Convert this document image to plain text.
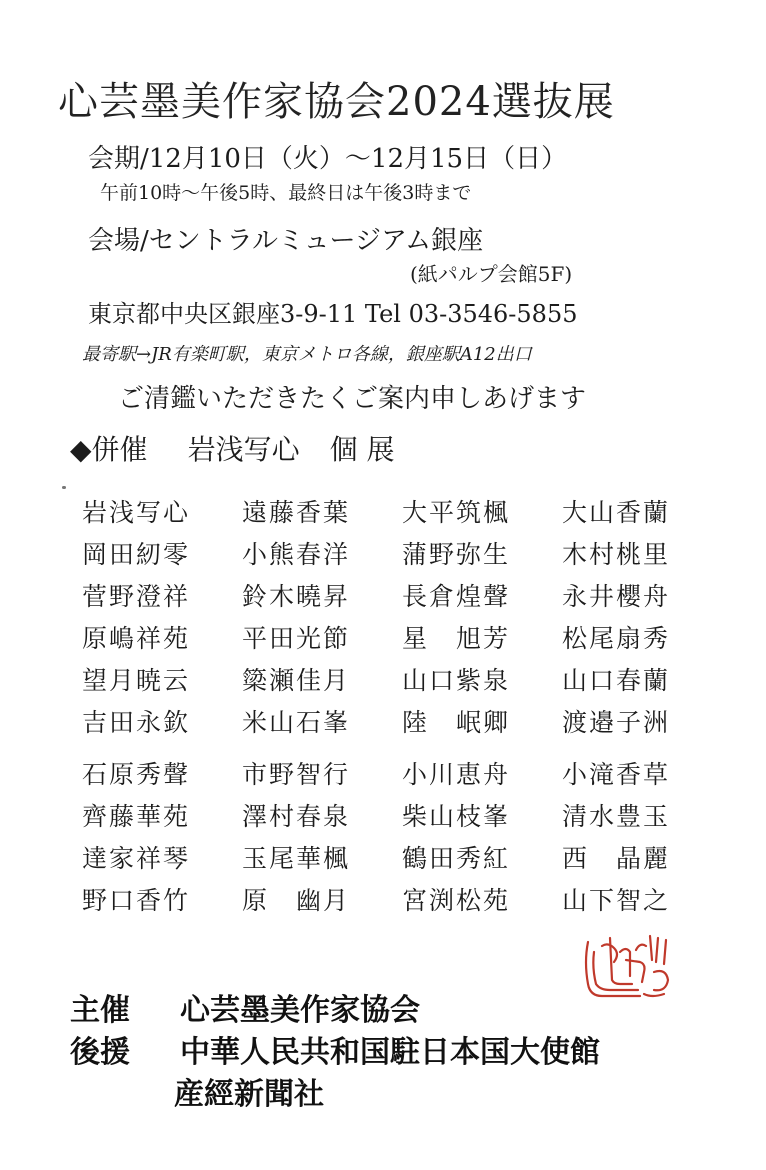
心芸墨美作家協会2024選抜展
会期/12月10日（火）～12月15日（日）
午前10時～午後5時、最終日は午後3時まで
会場/セントラルミュージアム銀座
(紙パルプ会館5F)
東京都中央区銀座3-9-11 Tel 03-3546-5855
最寄駅→JR有楽町駅，東京メトロ各線，銀座駅A12出口
ご清鑑いただきたくご案内申しあげます
◆併催 岩浅写心 個 展
岩浅写心	遠藤香葉	大平筑楓	大山香蘭
岡田紉零	小熊春洋	蒲野弥生	木村桃里
菅野澄祥	鈴木曉昇	長倉煌聲	永井櫻舟
原嶋祥苑	平田光節	星　旭芳	松尾扇秀
望月暁云	簗瀬佳月	山口紫泉	山口春蘭
吉田永欽	米山石峯	陸　岷卿	渡邉子洲
石原秀聲	市野智行	小川恵舟	小滝香草
齊藤華苑	澤村春泉	柴山枝峯	清水豊玉
達家祥琴	玉尾華楓	鶴田秀紅	西　晶麗
野口香竹	原　幽月	宮渕松苑	山下智之
主催 心芸墨美作家協会
後援 中華人民共和国駐日本国大使館
産經新聞社
